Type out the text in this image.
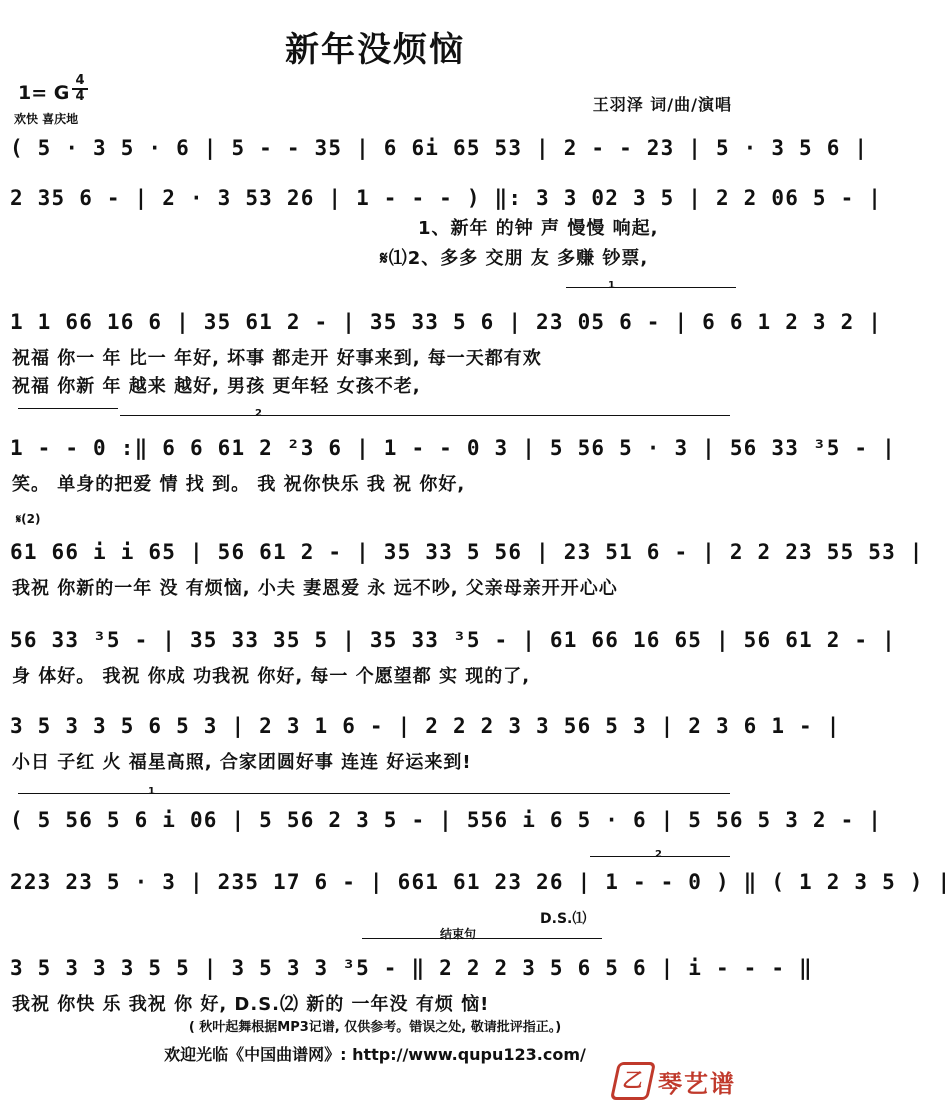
新年没烦恼
1= G
4
4
欢快 喜庆地
王羽泽 词/曲/演唱
( 5 · 3 5 · 6 | 5 - - 35 | 6 6i 65 53 | 2 - - 23 | 5 · 3 5 6 |
2 35 6 - | 2 · 3 53 26 | 1 - - - ) ‖: 3 3 02 3 5 | 2 2 06 5 - |
1、新年 的钟 声 慢慢 响起,
𝄋⑴2、多多 交朋 友 多赚 钞票,
1
1 1 66 16 6 | 35 61 2 - | 35 33 5 6 | 23 05 6 - | 6 6 1 2 3 2 |
祝福 你一 年 比一 年好, 坏事 都走开 好事来到, 每一天都有欢
祝福 你新 年 越来 越好, 男孩 更年轻 女孩不老,
2
1 - - 0 :‖ 6 6 61 2 ²3 6 | 1 - - 0 3 | 5 56 5 · 3 | 56 33 ³5 - |
笑。 单身的把爱 情 找 到。 我 祝你快乐 我 祝 你好,
𝄋(2)
61 66 i i 65 | 56 61 2 - | 35 33 5 56 | 23 51 6 - | 2 2 23 55 53 |
我祝 你新的一年 没 有烦恼, 小夫 妻恩爱 永 远不吵, 父亲母亲开开心心
56 33 ³5 - | 35 33 35 5 | 35 33 ³5 - | 61 66 16 65 | 56 61 2 - |
身 体好。 我祝 你成 功我祝 你好, 每一 个愿望都 实 现的了,
3 5 3 3 5 6 5 3 | 2 3 1 6 - | 2 2 2 3 3 56 5 3 | 2 3 6 1 - |
小日 子红 火 福星高照, 合家团圆好事 连连 好运来到!
1
( 5 56 5 6 i 06 | 5 56 2 3 5 - | 556 i 6 5 · 6 | 5 56 5 3 2 - |
2
223 23 5 · 3 | 235 17 6 - | 661 61 23 26 | 1 - - 0 ) ‖ ( 1 2 3 5 ) |
D.S.⑴
结束句
3 5 3 3 3 5 5 | 3 5 3 3 ³5 - ‖ 2 2 2 3 5 6 5 6 | i - - - ‖
我祝 你快 乐 我祝 你 好, D.S.⑵ 新的 一年没 有烦 恼!
( 秋叶起舞根据MP3记谱, 仅供参考。错误之处, 敬请批评指正。)
欢迎光临《中国曲谱网》: http://www.qupu123.com/
乙 琴艺谱
